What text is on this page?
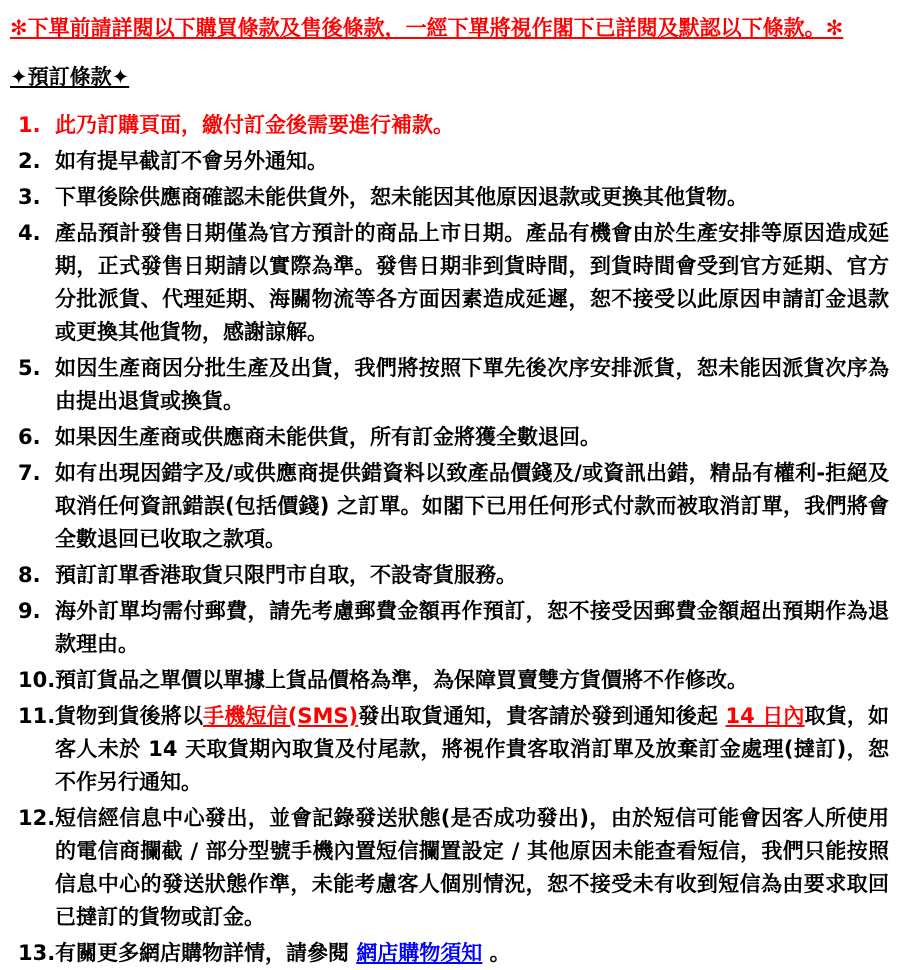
✻下單前請詳閱以下購買條款及售後條款，一經下單將視作閣下已詳閱及默認以下條款。✻
✦預訂條款✦
1. 此乃訂購頁面，繳付訂金後需要進行補款。
2. 如有提早截訂不會另外通知。
3. 下單後除供應商確認未能供貨外，恕未能因其他原因退款或更換其他貨物。
4. 產品預計發售日期僅為官方預計的商品上市日期。產品有機會由於生產安排等原因造成延期，正式發售日期請以實際為準。發售日期非到貨時間，到貨時間會受到官方延期、官方分批派貨、代理延期、海關物流等各方面因素造成延遲，恕不接受以此原因申請訂金退款或更換其他貨物，感謝諒解。
5. 如因生產商因分批生產及出貨，我們將按照下單先後次序安排派貨，恕未能因派貨次序為由提出退貨或換貨。
6. 如果因生產商或供應商未能供貨，所有訂金將獲全數退回。
7. 如有出現因錯字及/或供應商提供錯資料以致產品價錢及/或資訊出錯，精品有權利-拒絕及取消任何資訊錯誤(包括價錢) 之訂單。如閣下已用任何形式付款而被取消訂單，我們將會全數退回已收取之款項。
8. 預訂訂單香港取貨只限門市自取，不設寄貨服務。
9. 海外訂單均需付郵費，請先考慮郵費金額再作預訂，恕不接受因郵費金額超出預期作為退款理由。
10. 預訂貨品之單價以單據上貨品價格為準，為保障買賣雙方貨價將不作修改。
11. 貨物到貨後將以手機短信(SMS)發出取貨通知，貴客請於發到通知後起 14 日內取貨，如客人未於 14 天取貨期內取貨及付尾款，將視作貴客取消訂單及放棄訂金處理(撻訂)，恕不作另行通知。
12. 短信經信息中心發出，並會記錄發送狀態(是否成功發出)，由於短信可能會因客人所使用的電信商攔截 / 部分型號手機內置短信攔置設定 / 其他原因未能查看短信，我們只能按照信息中心的發送狀態作準，未能考慮客人個別情況，恕不接受未有收到短信為由要求取回已撻訂的貨物或訂金。
13. 有關更多網店購物詳情，請參閱 網店購物須知 。
